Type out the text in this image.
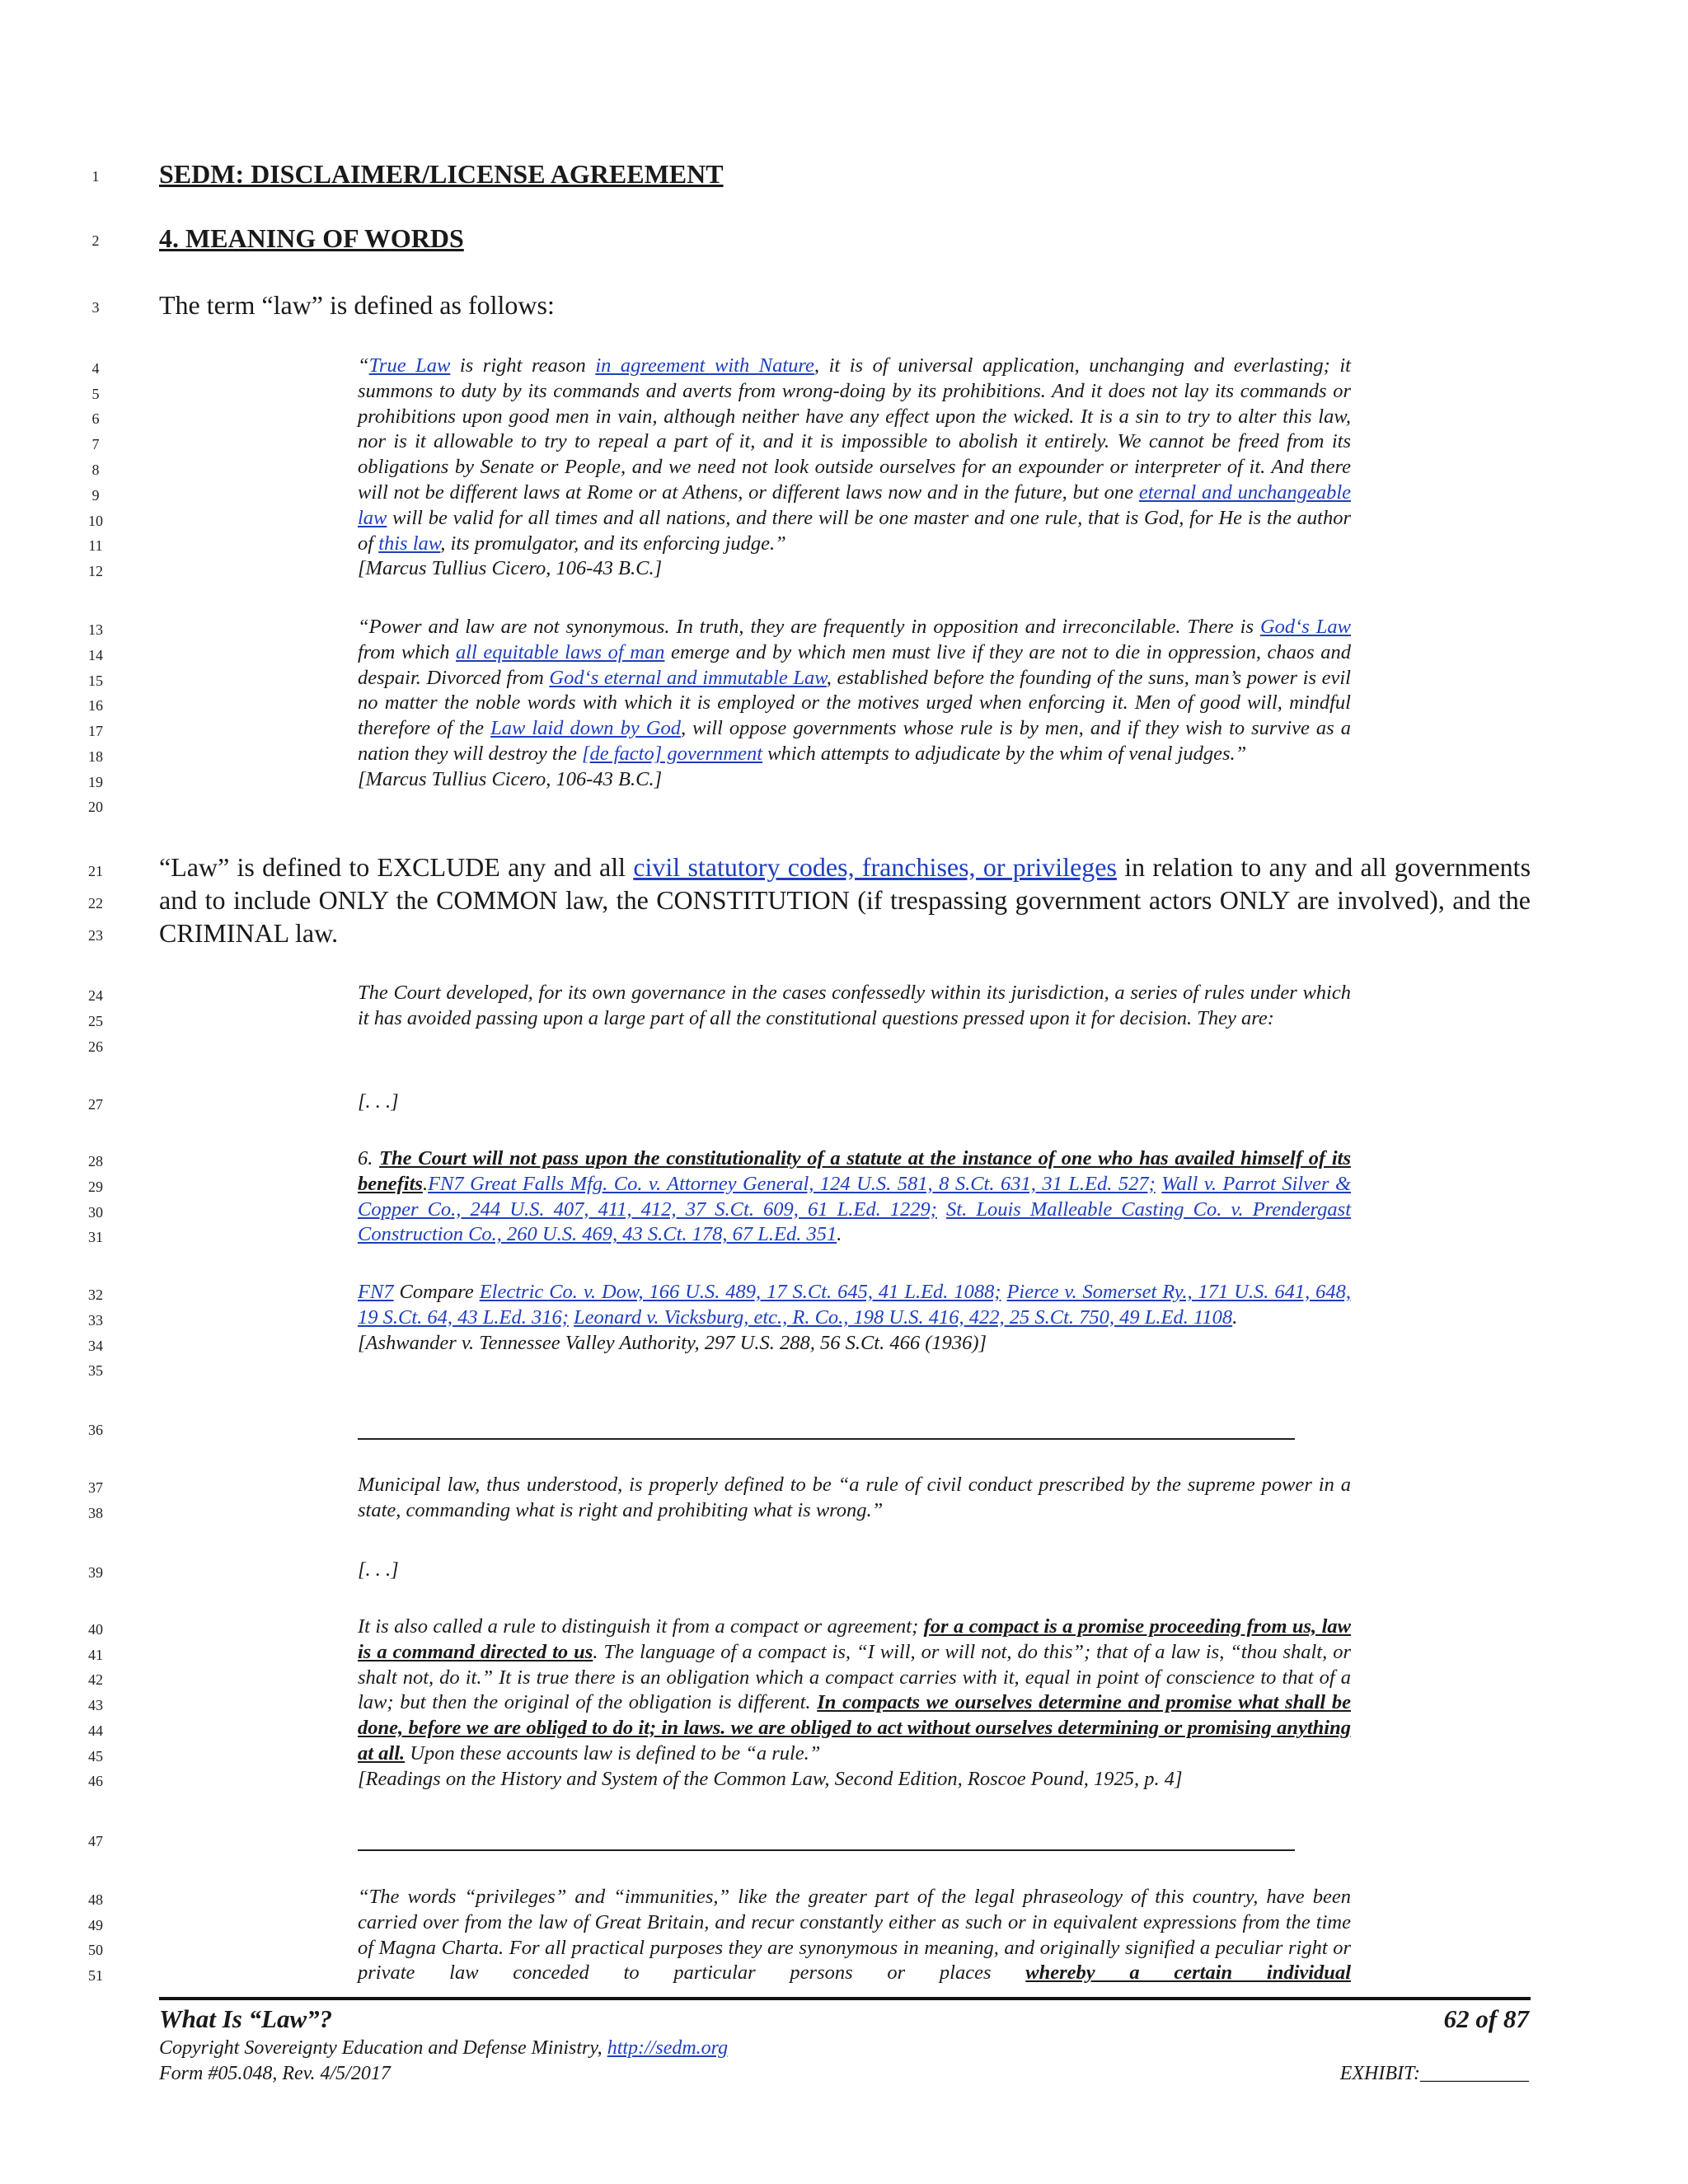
1
2
3
4
5
6
7
8
9
10
11
12
13
14
15
16
17
18
19
20
21
22
23
24
25
26
27
28
29
30
31
32
33
34
35
36
37
38
39
40
41
42
43
44
45
46
47
48
49
50
51
SEDM: DISCLAIMER/LICENSE AGREEMENT
4. MEANING OF WORDS
The term “law” is defined as follows:
“True Law is right reason in agreement with Nature, it is of universal application, unchanging and everlasting; it summons to duty by its commands and averts from wrong-doing by its prohibitions. And it does not lay its commands or prohibitions upon good men in vain, although neither have any effect upon the wicked. It is a sin to try to alter this law, nor is it allowable to try to repeal a part of it, and it is impossible to abolish it entirely. We cannot be freed from its obligations by Senate or People, and we need not look outside ourselves for an expounder or interpreter of it. And there will not be different laws at Rome or at Athens, or different laws now and in the future, but one eternal and unchangeable law will be valid for all times and all nations, and there will be one master and one rule, that is God, for He is the author of this law, its promulgator, and its enforcing judge.”
[Marcus Tullius Cicero, 106-43 B.C.]
“Power and law are not synonymous. In truth, they are frequently in opposition and irreconcilable. There is God‘s Law from which all equitable laws of man emerge and by which men must live if they are not to die in oppression, chaos and despair. Divorced from God‘s eternal and immutable Law, established before the founding of the suns, man’s power is evil no matter the noble words with which it is employed or the motives urged when enforcing it. Men of good will, mindful therefore of the Law laid down by God, will oppose governments whose rule is by men, and if they wish to survive as a nation they will destroy the [de facto] government which attempts to adjudicate by the whim of venal judges.”
[Marcus Tullius Cicero, 106-43 B.C.]
“Law” is defined to EXCLUDE any and all civil statutory codes, franchises, or privileges in relation to any and all governments and to include ONLY the COMMON law, the CONSTITUTION (if trespassing government actors ONLY are involved), and the CRIMINAL law.
The Court developed, for its own governance in the cases confessedly within its jurisdiction, a series of rules under which it has avoided passing upon a large part of all the constitutional questions pressed upon it for decision. They are:
[. . .]
6. The Court will not pass upon the constitutionality of a statute at the instance of one who has availed himself of its benefits.FN7 Great Falls Mfg. Co. v. Attorney General, 124 U.S. 581, 8 S.Ct. 631, 31 L.Ed. 527; Wall v. Parrot Silver & Copper Co., 244 U.S. 407, 411, 412, 37 S.Ct. 609, 61 L.Ed. 1229; St. Louis Malleable Casting Co. v. Prendergast Construction Co., 260 U.S. 469, 43 S.Ct. 178, 67 L.Ed. 351.
FN7 Compare Electric Co. v. Dow, 166 U.S. 489, 17 S.Ct. 645, 41 L.Ed. 1088; Pierce v. Somerset Ry., 171 U.S. 641, 648, 19 S.Ct. 64, 43 L.Ed. 316; Leonard v. Vicksburg, etc., R. Co., 198 U.S. 416, 422, 25 S.Ct. 750, 49 L.Ed. 1108.
[Ashwander v. Tennessee Valley Authority, 297 U.S. 288, 56 S.Ct. 466 (1936)]
Municipal law, thus understood, is properly defined to be “a rule of civil conduct prescribed by the supreme power in a state, commanding what is right and prohibiting what is wrong.”
[. . .]
It is also called a rule to distinguish it from a compact or agreement; for a compact is a promise proceeding from us, law is a command directed to us. The language of a compact is, “I will, or will not, do this”; that of a law is, “thou shalt, or shalt not, do it.” It is true there is an obligation which a compact carries with it, equal in point of conscience to that of a law; but then the original of the obligation is different. In compacts we ourselves determine and promise what shall be done, before we are obliged to do it; in laws. we are obliged to act without ourselves determining or promising anything at all. Upon these accounts law is defined to be “a rule.”
[Readings on the History and System of the Common Law, Second Edition, Roscoe Pound, 1925, p. 4]
“The words “privileges” and “immunities,” like the greater part of the legal phraseology of this country, have been carried over from the law of Great Britain, and recur constantly either as such or in equivalent expressions from the time of Magna Charta. For all practical purposes they are synonymous in meaning, and originally signified a peculiar right or private law conceded to particular persons or places whereby a certain individual
What Is “Law”?	62 of 87
Copyright Sovereignty Education and Defense Ministry, http://sedm.org
Form #05.048, Rev. 4/5/2017	EXHIBIT:___________
